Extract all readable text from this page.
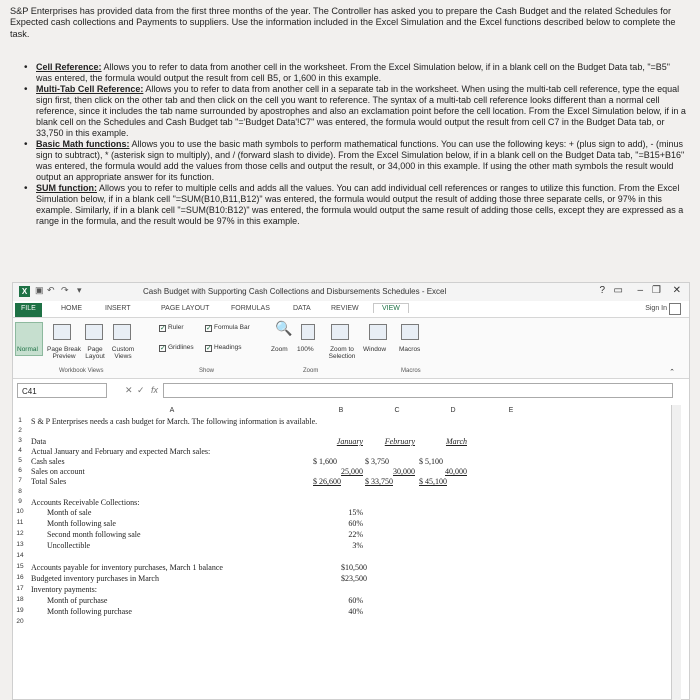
S&P Enterprises has provided data from the first three months of the year. The Controller has asked you to prepare the Cash Budget and the related Schedules for Expected cash collections and Payments to suppliers. Use the information included in the Excel Simulation and the Excel functions described below to complete the task.
• Cell Reference: Allows you to refer to data from another cell in the worksheet. From the Excel Simulation below, if in a blank cell on the Budget Data tab, "=B5" was entered, the formula would output the result from cell B5, or 1,600 in this example.
• Multi-Tab Cell Reference: Allows you to refer to data from another cell in a separate tab in the worksheet. When using the multi-tab cell reference, type the equal sign first, then click on the other tab and then click on the cell you want to reference. The syntax of a multi-tab cell reference looks different than a normal cell reference, since it includes the tab name surrounded by apostrophes and also an exclamation point before the cell location. From the Excel Simulation below, if in a blank cell on the Schedules and Cash Budget tab "='Budget Data'!C7" was entered, the formula would output the result from cell C7 in the Budget Data tab, or 33,750 in this example.
• Basic Math functions: Allows you to use the basic math symbols to perform mathematical functions. You can use the following keys: + (plus sign to add), - (minus sign to subtract), * (asterisk sign to multiply), and / (forward slash to divide). From the Excel Simulation below, if in a blank cell on the Budget Data tab, "=B15+B16" was entered, the formula would add the values from those cells and output the result, or 34,000 in this example. If using the other math symbols the result would output an appropriate answer for its function.
• SUM function: Allows you to refer to multiple cells and adds all the values. You can add individual cell references or ranges to utilize this function. From the Excel Simulation below, if in a blank cell "=SUM(B10,B11,B12)" was entered, the formula would output the result of adding those three separate cells, or 97% in this example. Similarly, if in a blank cell "=SUM(B10:B12)" was entered, the formula would output the same result of adding those cells, except they are expressed as a range in the formula, and the result would be 97% in this example.
X ▣ ↶ ↷ ▾	Cash Budget with Supporting Cash Collections and Disbursements Schedules - Excel	? ▭ – ❐ ✕
FILE	HOME	INSERT	PAGE LAYOUT	FORMULAS	DATA	REVIEW	VIEW	Sign In
Normal Page Break Preview
Page Layout
Custom Views
Workbook Views
✓ Ruler	✓ Formula Bar
✓ Gridlines ✓ Headings
Show
🔍
Zoom 100%	Zoom to Selection
Zoom
Window Macros
Macros	⌃
C41	✕ ✓ fx
A	B	C	D	E
1
2
3
4
5
6
7
8
9
10
11
12
13
14
15
16
17
18
19
20
S & P Enterprises needs a cash budget for March. The following information is available.
Data	January	February	March
Actual January and February and expected March sales:
Cash sales	$ 1,600	$ 3,750	$ 5,100
Sales on account	25,000	30,000	40,000
Total Sales	$ 26,600	$ 33,750	$ 45,100
Accounts Receivable Collections:
Month of sale	15%
Month following sale	60%
Second month following sale	22%
Uncollectible	3%
Accounts payable for inventory purchases, March 1 balance	$10,500
Budgeted inventory purchases in March	$23,500
Inventory payments:
Month of purchase	60%
Month following purchase	40%
